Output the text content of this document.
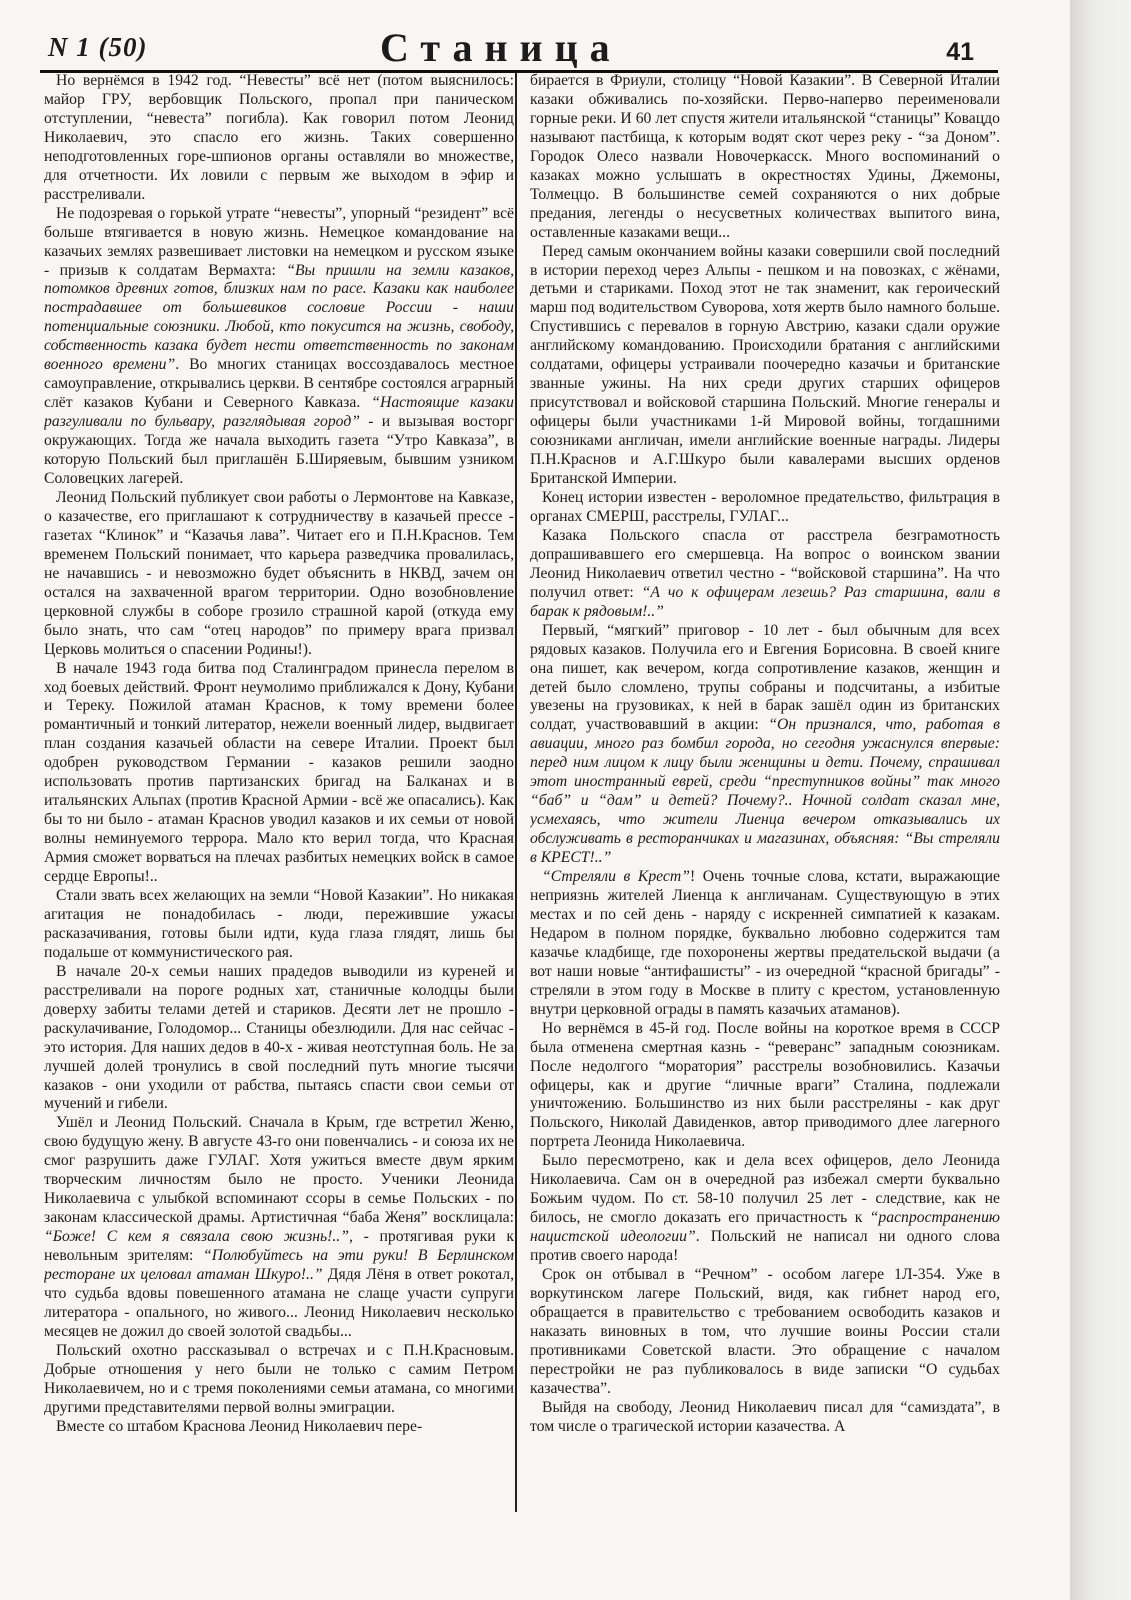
N 1 (50)	Станица	41

Но вернёмся в 1942 год. “Невесты” всё нет (потом выяснилось: майор ГРУ, вербовщик Польского, пропал при паническом отступлении, “невеста” погибла). Как говорил потом Леонид Николаевич, это спасло его жизнь. Таких совершенно неподготовленных горе-шпионов органы оставляли во множестве, для отчетности. Их ловили с первым же выходом в эфир и расстреливали.

Не подозревая о горькой утрате “невесты”, упорный “резидент” всё больше втягивается в новую жизнь. Немецкое командование на казачьих землях развешивает листовки на немецком и русском языке - призыв к солдатам Вермахта: “Вы пришли на земли казаков, потомков древних готов, близких нам по расе. Казаки как наиболее пострадавшее от большевиков сословие России - наши потенциальные союзники. Любой, кто покусится на жизнь, свободу, собственность казака будет нести ответственность по законам военного времени”. Во многих станицах воссоздавалось местное самоуправление, открывались церкви. В сентябре состоялся аграрный слёт казаков Кубани и Северного Кавказа. “Настоящие казаки разгуливали по бульвару, разглядывая город” - и вызывая восторг окружающих. Тогда же начала выходить газета “Утро Кавказа”, в которую Польский был приглашён Б.Ширяевым, бывшим узником Соловецких лагерей.

Леонид Польский публикует свои работы о Лермонтове на Кавказе, о казачестве, его приглашают к сотрудничеству в казачьей прессе - газетах “Клинок” и “Казачья лава”. Читает его и П.Н.Краснов. Тем временем Польский понимает, что карьера разведчика провалилась, не начавшись - и невозможно будет объяснить в НКВД, зачем он остался на захваченной врагом территории. Одно возобновление церковной службы в соборе грозило страшной карой (откуда ему было знать, что сам “отец народов” по примеру врага призвал Церковь молиться о спасении Родины!).

В начале 1943 года битва под Сталинградом принесла перелом в ход боевых действий. Фронт неумолимо приближался к Дону, Кубани и Тереку. Пожилой атаман Краснов, к тому времени более романтичный и тонкий литератор, нежели военный лидер, выдвигает план создания казачьей области на севере Италии. Проект был одобрен руководством Германии - казаков решили заодно использовать против партизанских бригад на Балканах и в итальянских Альпах (против Красной Армии - всё же опасались). Как бы то ни было - атаман Краснов уводил казаков и их семьи от новой волны неминуемого террора. Мало кто верил тогда, что Красная Армия сможет ворваться на плечах разбитых немецких войск в самое сердце Европы!..

Стали звать всех желающих на земли “Новой Казакии”. Но никакая агитация не понадобилась - люди, пережившие ужасы расказачивания, готовы были идти, куда глаза глядят, лишь бы подальше от коммунистического рая.

В начале 20-х семьи наших прадедов выводили из куреней и расстреливали на пороге родных хат, станичные колодцы были доверху забиты телами детей и стариков. Десяти лет не прошло - раскулачивание, Голодомор... Станицы обезлюдили. Для нас сейчас - это история. Для наших дедов в 40-х - живая неотступная боль. Не за лучшей долей тронулись в свой последний путь многие тысячи казаков - они уходили от рабства, пытаясь спасти свои семьи от мучений и гибели.

Ушёл и Леонид Польский. Сначала в Крым, где встретил Женю, свою будущую жену. В августе 43-го они повенчались - и союза их не смог разрушить даже ГУЛАГ. Хотя ужиться вместе двум ярким творческим личностям было не просто. Ученики Леонида Николаевича с улыбкой вспоминают ссоры в семье Польских - по законам классической драмы. Артистичная “баба Женя” восклицала: “Боже! С кем я связала свою жизнь!..”, - протягивая руки к невольным зрителям: “Полюбуйтесь на эти руки! В Берлинском ресторане их целовал атаман Шкуро!..” Дядя Лёня в ответ рокотал, что судьба вдовы повешенного атамана не слаще участи супруги литератора - опального, но живого... Леонид Николаевич несколько месяцев не дожил до своей золотой свадьбы...

Польский охотно рассказывал о встречах и с П.Н.Красновым. Добрые отношения у него были не только с самим Петром Николаевичем, но и с тремя поколениями семьи атамана, со многими другими представителями первой волны эмиграции.

Вместе со штабом Краснова Леонид Николаевич пере-

бирается в Фриули, столицу “Новой Казакии”. В Северной Италии казаки обживались по-хозяйски. Перво-наперво переименовали горные реки. И 60 лет спустя жители итальянской “станицы” Ковацдо называют пастбища, к которым водят скот через реку - “за Доном”. Городок Олесо назвали Новочеркасск. Много воспоминаний о казаках можно услышать в окрестностях Удины, Джемоны, Толмеццо. В большинстве семей сохраняются о них добрые предания, легенды о несусветных количествах выпитого вина, оставленные казаками вещи...

Перед самым окончанием войны казаки совершили свой последний в истории переход через Альпы - пешком и на повозках, с жёнами, детьми и стариками. Поход этот не так знаменит, как героический марш под водительством Суворова, хотя жертв было намного больше. Спустившись с перевалов в горную Австрию, казаки сдали оружие английскому командованию. Происходили братания с английскими солдатами, офицеры устраивали поочередно казачьи и британские званные ужины. На них среди других старших офицеров присутствовал и войсковой старшина Польский. Многие генералы и офицеры были участниками 1-й Мировой войны, тогдашними союзниками англичан, имели английские военные награды. Лидеры П.Н.Краснов и А.Г.Шкуро были кавалерами высших орденов Британской Империи.

Конец истории известен - вероломное предательство, фильтрация в органах СМЕРШ, расстрелы, ГУЛАГ...

Казака Польского спасла от расстрела безграмотность допрашивавшего его смершевца. На вопрос о воинском звании Леонид Николаевич ответил честно - “войсковой старшина”. На что получил ответ: “А чо к офицерам лезешь? Раз старшина, вали в барак к рядовым!..”

Первый, “мягкий” приговор - 10 лет - был обычным для всех рядовых казаков. Получила его и Евгения Борисовна. В своей книге она пишет, как вечером, когда сопротивление казаков, женщин и детей было сломлено, трупы собраны и подсчитаны, а избитые увезены на грузовиках, к ней в барак зашёл один из британских солдат, участвовавший в акции: “Он признался, что, работая в авиации, много раз бомбил города, но сегодня ужаснулся впервые: перед ним лицом к лицу были женщины и дети. Почему, спрашивал этот иностранный еврей, среди “преступников войны” так много “баб” и “дам” и детей? Почему?.. Ночной солдат сказал мне, усмехаясь, что жители Лиенца вечером отказывались их обслуживать в ресторанчиках и магазинах, объясняя: “Вы стреляли в КРЕСТ!..”

“Стреляли в Крест”! Очень точные слова, кстати, выражающие неприязнь жителей Лиенца к англичанам. Существующую в этих местах и по сей день - наряду с искренней симпатией к казакам. Недаром в полном порядке, буквально любовно содержится там казачье кладбище, где похоронены жертвы предательской выдачи (а вот наши новые “антифашисты” - из очередной “красной бригады” - стреляли в этом году в Москве в плиту с крестом, установленную внутри церковной ограды в память казачьих атаманов).

Но вернёмся в 45-й год. После войны на короткое время в СССР была отменена смертная казнь - “реверанс” западным союзникам. После недолгого “моратория” расстрелы возобновились. Казачьи офицеры, как и другие “личные враги” Сталина, подлежали уничтожению. Большинство из них были расстреляны - как друг Польского, Николай Давиденков, автор приводимого длее лагерного портрета Леонида Николаевича.

Было пересмотрено, как и дела всех офицеров, дело Леонида Николаевича. Сам он в очередной раз избежал смерти буквально Божьим чудом. По ст. 58-10 получил 25 лет - следствие, как не билось, не смогло доказать его причастность к “распространению нацистской идеологии”. Польский не написал ни одного слова против своего народа!

Срок он отбывал в “Речном” - особом лагере 1Л-354. Уже в воркутинском лагере Польский, видя, как гибнет народ его, обращается в правительство с требованием освободить казаков и наказать виновных в том, что лучшие воины России стали противниками Советской власти. Это обращение с началом перестройки не раз публиковалось в виде записки “О судьбах казачества”.

Выйдя на свободу, Леонид Николаевич писал для “самиздата”, в том числе о трагической истории казачества. А
